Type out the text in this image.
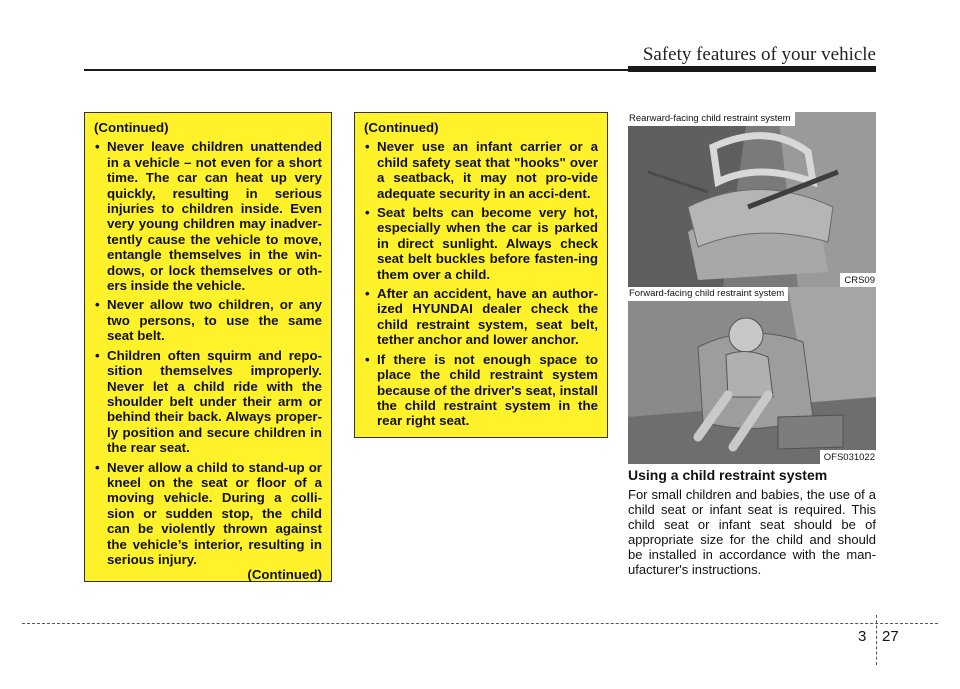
Safety features of your vehicle

(Continued)

• Never leave children unattended in a vehicle – not even for a short time. The car can heat up very quickly, resulting in serious injuries to children inside. Even very young children may inadver-tently cause the vehicle to move, entangle themselves in the win-dows, or lock themselves or oth-ers inside the vehicle.
• Never allow two children, or any two persons, to use the same seat belt.
• Children often squirm and repo-sition themselves improperly. Never let a child ride with the shoulder belt under their arm or behind their back. Always proper-ly position and secure children in the rear seat.
• Never allow a child to stand-up or kneel on the seat or floor of a moving vehicle. During a colli-sion or sudden stop, the child can be violently thrown against the vehicle’s interior, resulting in serious injury.

(Continued)

(Continued)

• Never use an infant carrier or a child safety seat that "hooks" over a seatback, it may not pro-vide adequate security in an acci-dent.
• Seat belts can become very hot, especially when the car is parked in direct sunlight. Always check seat belt buckles before fasten-ing them over a child.
• After an accident, have an author-ized HYUNDAI dealer check the child restraint system, seat belt, tether anchor and lower anchor.
• If there is not enough space to place the child restraint system because of the driver's seat, install the child restraint system in the rear right seat.
Rearward-facing child restraint system
CRS09
Forward-facing child restraint system
OFS031022
Using a child restraint system

For small children and babies, the use of a child seat or infant seat is required. This child seat or infant seat should be of appropriate size for the child and should be installed in accordance with the man-ufacturer's instructions.

3 27
